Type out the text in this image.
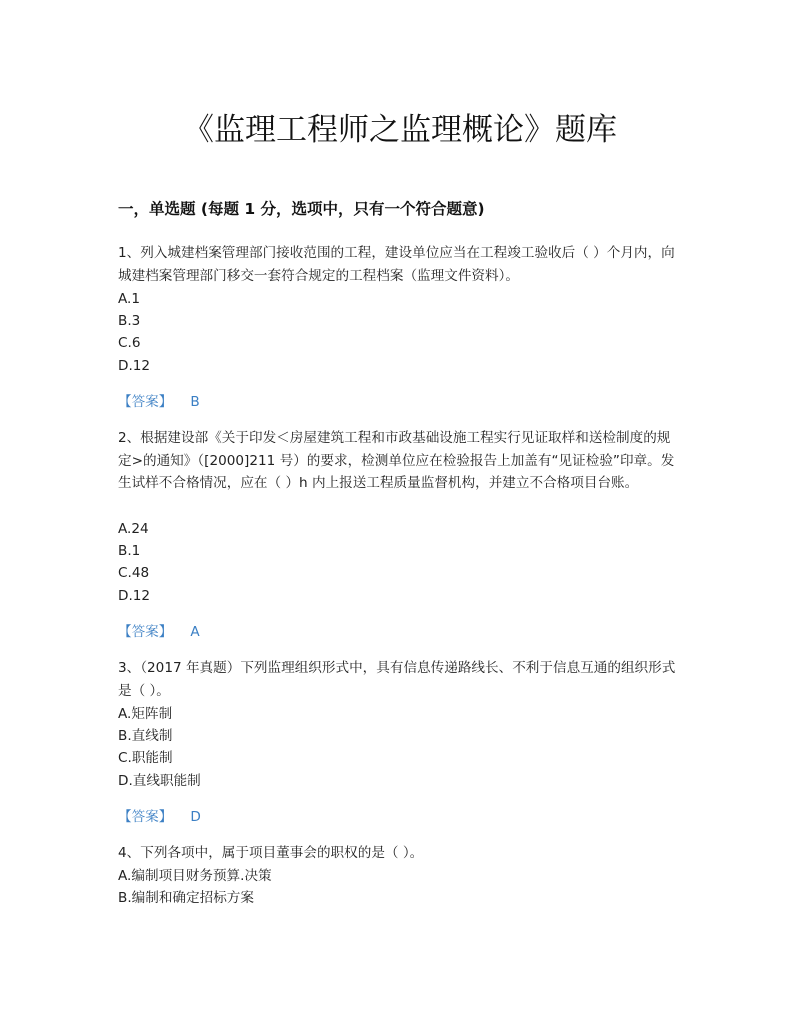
《监理工程师之监理概论》题库
一，单选题 (每题 1 分，选项中，只有一个符合题意)

1、列入城建档案管理部门接收范围的工程，建设单位应当在工程竣工验收后（ ）个月内，向城建档案管理部门移交一套符合规定的工程档案（监理文件资料）。

A.1
B.3
C.6
D.12
【答案】 B

2、根据建设部《关于印发＜房屋建筑工程和市政基础设施工程实行见证取样和送检制度的规定>的通知》（[2000]211 号）的要求，检测单位应在检验报告上加盖有“见证检验”印章。发生试样不合格情况，应在（ ）h 内上报送工程质量监督机构，并建立不合格项目台账。

A.24
B.1
C.48
D.12
【答案】 A

3、（2017 年真题）下列监理组织形式中，具有信息传递路线长、不利于信息互通的组织形式是（ ）。

A.矩阵制
B.直线制
C.职能制
D.直线职能制
【答案】 D

4、下列各项中，属于项目董事会的职权的是（ ）。

A.编制项目财务预算.决策
B.编制和确定招标方案
